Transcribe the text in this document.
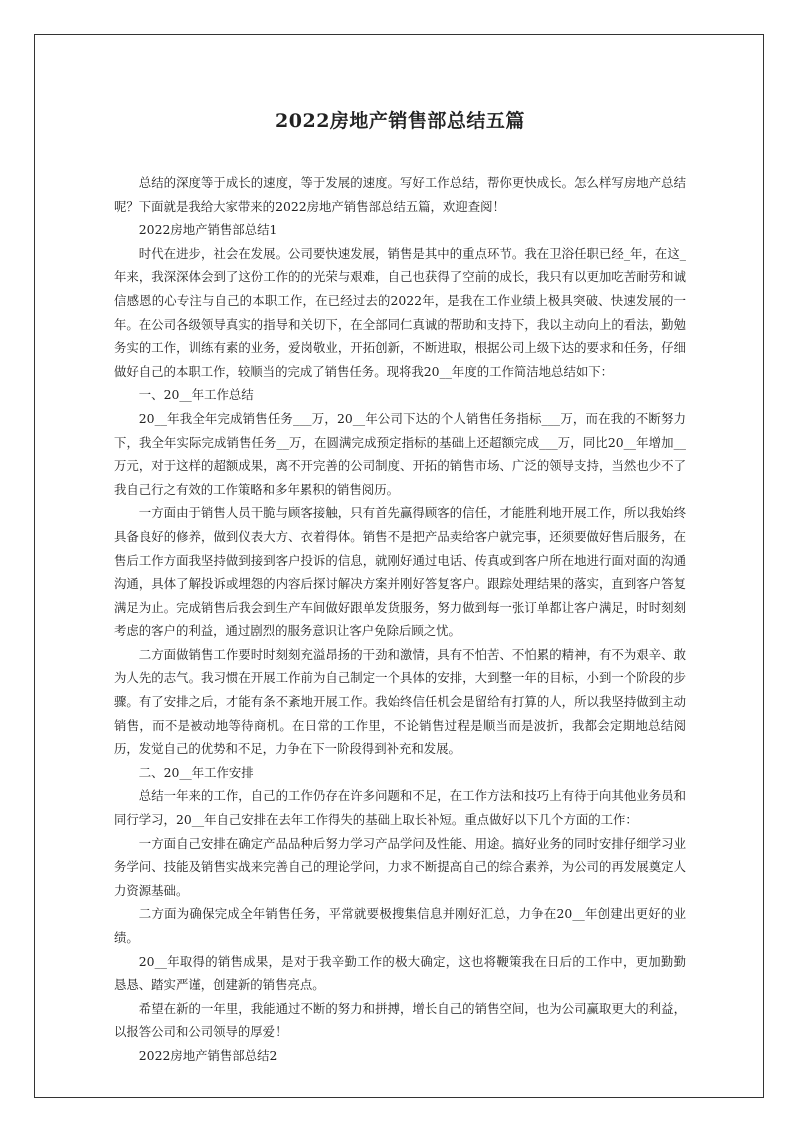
2022房地产销售部总结五篇

总结的深度等于成长的速度，等于发展的速度。写好工作总结，帮你更快成长。怎么样写房地产总结呢？下面就是我给大家带来的2022房地产销售部总结五篇，欢迎查阅！

2022房地产销售部总结1

时代在进步，社会在发展。公司要快速发展，销售是其中的重点环节。我在卫浴任职已经_年，在这_年来，我深深体会到了这份工作的的光荣与艰难，自己也获得了空前的成长，我只有以更加吃苦耐劳和诚信感恩的心专注与自己的本职工作，在已经过去的2022年，是我在工作业绩上极具突破、快速发展的一年。在公司各级领导真实的指导和关切下，在全部同仁真诚的帮助和支持下，我以主动向上的看法，勤勉务实的工作，训练有素的业务，爱岗敬业，开拓创新，不断进取，根据公司上级下达的要求和任务，仔细做好自己的本职工作，较顺当的完成了销售任务。现将我20__年度的工作简洁地总结如下：

一、20__年工作总结

20__年我全年完成销售任务___万，20__年公司下达的个人销售任务指标___万，而在我的不断努力下，我全年实际完成销售任务__万，在圆满完成预定指标的基础上还超额完成___万，同比20__年增加__万元，对于这样的超额成果，离不开完善的公司制度、开拓的销售市场、广泛的领导支持，当然也少不了我自己行之有效的工作策略和多年累积的销售阅历。

一方面由于销售人员干脆与顾客接触，只有首先赢得顾客的信任，才能胜利地开展工作，所以我始终具备良好的修养，做到仪表大方、衣着得体。销售不是把产品卖给客户就完事，还须要做好售后服务，在售后工作方面我坚持做到接到客户投诉的信息，就刚好通过电话、传真或到客户所在地进行面对面的沟通沟通，具体了解投诉或埋怨的内容后探讨解决方案并刚好答复客户。跟踪处理结果的落实，直到客户答复满足为止。完成销售后我会到生产车间做好跟单发货服务，努力做到每一张订单都让客户满足，时时刻刻考虑的客户的利益，通过剧烈的服务意识让客户免除后顾之忧。

二方面做销售工作要时时刻刻充溢昂扬的干劲和激情，具有不怕苦、不怕累的精神，有不为艰辛、敢为人先的志气。我习惯在开展工作前为自己制定一个具体的安排，大到整一年的目标，小到一个阶段的步骤。有了安排之后，才能有条不紊地开展工作。我始终信任机会是留给有打算的人，所以我坚持做到主动销售，而不是被动地等待商机。在日常的工作里，不论销售过程是顺当而是波折，我都会定期地总结阅历，发觉自己的优势和不足，力争在下一阶段得到补充和发展。

二、20__年工作安排

总结一年来的工作，自己的工作仍存在许多问题和不足，在工作方法和技巧上有待于向其他业务员和同行学习，20__年自己安排在去年工作得失的基础上取长补短。重点做好以下几个方面的工作：

一方面自己安排在确定产品品种后努力学习产品学问及性能、用途。搞好业务的同时安排仔细学习业务学问、技能及销售实战来完善自己的理论学问，力求不断提高自己的综合素养，为公司的再发展奠定人力资源基础。

二方面为确保完成全年销售任务，平常就要极搜集信息并刚好汇总，力争在20__年创建出更好的业绩。

20__年取得的销售成果，是对于我辛勤工作的极大确定，这也将鞭策我在日后的工作中，更加勤勤恳恳、踏实严谨，创建新的销售亮点。

希望在新的一年里，我能通过不断的努力和拼搏，增长自己的销售空间，也为公司赢取更大的利益，以报答公司和公司领导的厚爱！

2022房地产销售部总结2
